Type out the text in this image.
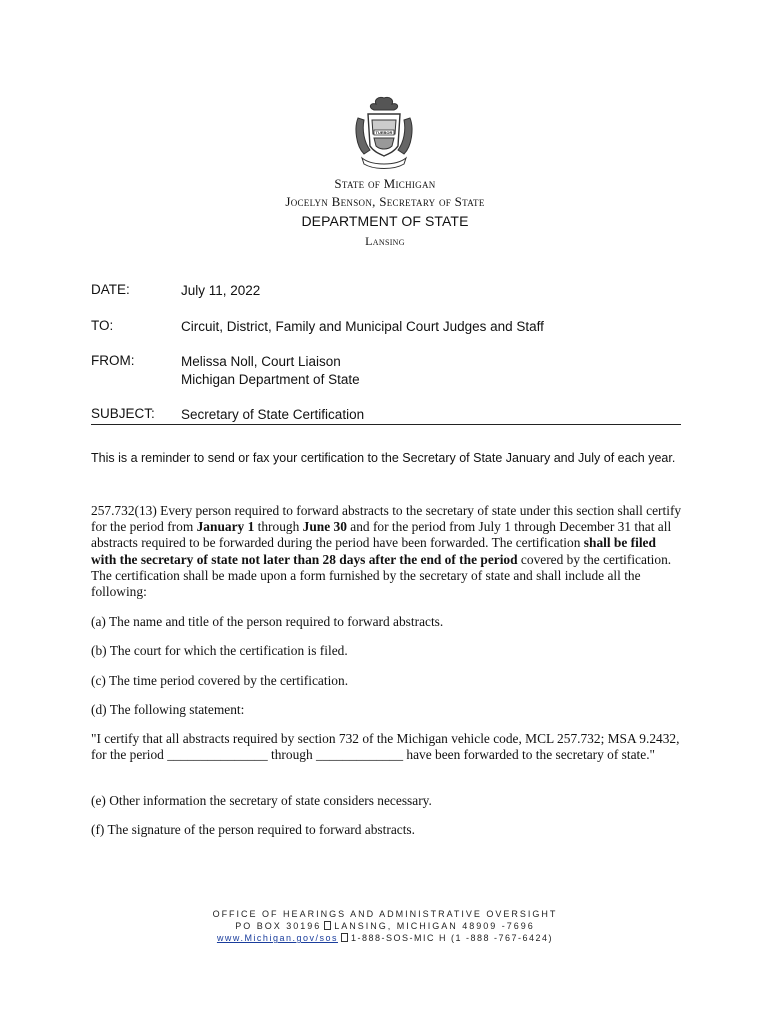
TUEBOR
State of Michigan
Jocelyn Benson, Secretary of State
DEPARTMENT OF STATE
Lansing
DATE:	July 11, 2022
TO:	Circuit, District, Family and Municipal Court Judges and Staff
FROM:	Melissa Noll, Court Liaison
Michigan Department of State
SUBJECT: Secretary of State Certification
This is a reminder to send or fax your certification to the Secretary of State January and July of each year.
257.732(13) Every person required to forward abstracts to the secretary of state under this section shall certify for the period from January 1 through June 30 and for the period from July 1 through December 31 that all abstracts required to be forwarded during the period have been forwarded. The certification shall be filed with the secretary of state not later than 28 days after the end of the period covered by the certification. The certification shall be made upon a form furnished by the secretary of state and shall include all the following:
(a) The name and title of the person required to forward abstracts.
(b) The court for which the certification is filed.
(c) The time period covered by the certification.
(d) The following statement:
"I certify that all abstracts required by section 732 of the Michigan vehicle code, MCL 257.732; MSA 9.2432, for the period _______________ through _____________ have been forwarded to the secretary of state."
(e) Other information the secretary of state considers necessary.
(f) The signature of the person required to forward abstracts.
OFFICE OF HEARINGS AND ADMINISTRATIVE OVERSIGHT
PO BOX 30196 LANSING, MICHIGAN 48909 -7696
www.Michigan.gov/sos 1-888-SOS-MIC H (1 -888 -767-6424)
